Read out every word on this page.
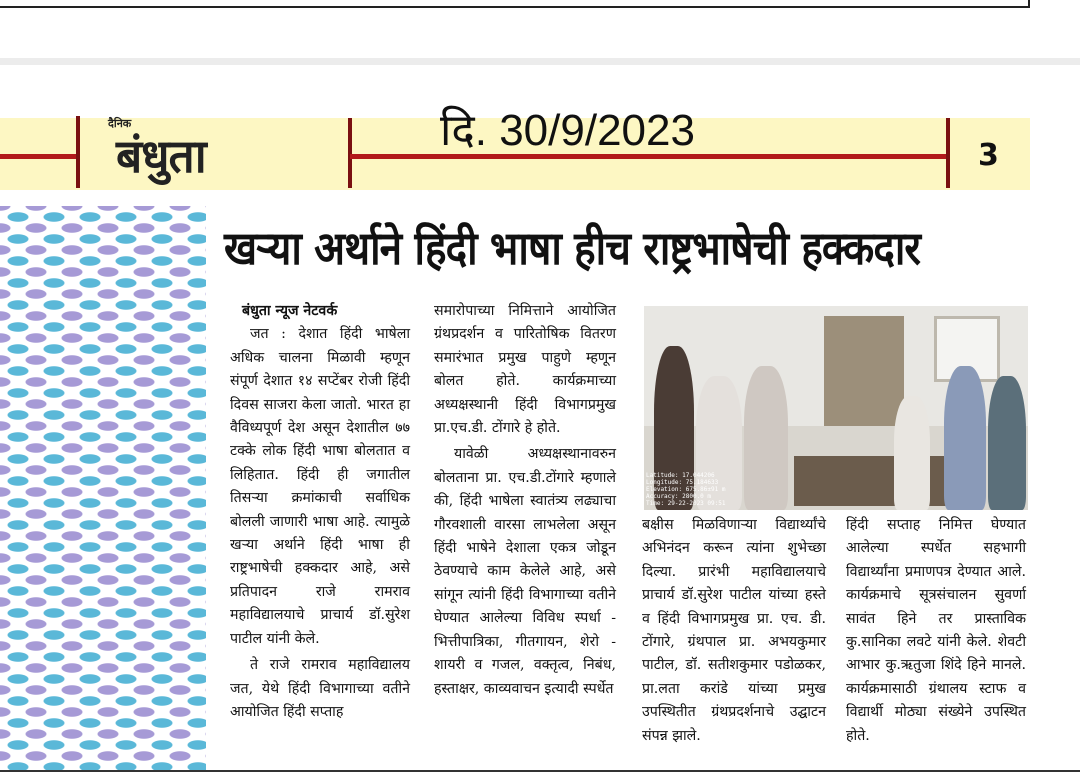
दैनिक
बंधुता	दि. 30/9/2023
3
खऱ्या अर्थाने हिंदी भाषा हीच राष्ट्रभाषेची हक्कदार

बंधुता न्यूज नेटवर्क

जत : देशात हिंदी भाषेला अधिक चालना मिळावी म्हणून संपूर्ण देशात १४ सप्टेंबर रोजी हिंदी दिवस साजरा केला जातो. भारत हा वैविध्यपूर्ण देश असून देशातील ७७ टक्के लोक हिंदी भाषा बोलतात व लिहितात. हिंदी ही जगातील तिसऱ्या क्रमांकाची सर्वाधिक बोलली जाणारी भाषा आहे. त्यामुळे खऱ्या अर्थाने हिंदी भाषा ही राष्ट्रभाषेची हक्कदार आहे, असे प्रतिपादन राजे रामराव महाविद्यालयाचे प्राचार्य डॉ.सुरेश पाटील यांनी केले.

ते राजे रामराव महाविद्यालय जत, येथे हिंदी विभागाच्या वतीने आयोजित हिंदी सप्ताह

समारोपाच्या निमित्ताने आयोजित ग्रंथप्रदर्शन व पारितोषिक वितरण समारंभात प्रमुख पाहुणे म्हणून बोलत होते. कार्यक्रमाच्या अध्यक्षस्थानी हिंदी विभागप्रमुख प्रा.एच.डी. टोंगारे हे होते.

यावेळी अध्यक्षस्थानावरुन बोलताना प्रा. एच.डी.टोंगारे म्हणाले की, हिंदी भाषेला स्वातंत्र्य लढ्याचा गौरवशाली वारसा लाभलेला असून हिंदी भाषेने देशाला एकत्र जोडून ठेवण्याचे काम केलेले आहे, असे सांगून त्यांनी हिंदी विभागाच्या वतीने घेण्यात आलेल्या विविध स्पर्धा - भित्तीपात्रिका, गीतगायन, शेरो - शायरी व गजल, वक्तृत्व, निबंध, हस्ताक्षर, काव्यवाचन इत्यादी स्पर्धेत

Latitude: 17.044206
Longitude: 75.184633
Elevation: 675.86±91 m
Accuracy: 2800.0 m
Time: 29-22-2023 09:51

बक्षीस मिळविणाऱ्या विद्यार्थ्यांचे अभिनंदन करून त्यांना शुभेच्छा दिल्या. प्रारंभी महाविद्यालयाचे प्राचार्य डॉ.सुरेश पाटील यांच्या हस्ते व हिंदी विभागप्रमुख प्रा. एच. डी. टोंगारे, ग्रंथपाल प्रा. अभयकुमार पाटील, डॉ. सतीशकुमार पडोळकर, प्रा.लता करांडे यांच्या प्रमुख उपस्थितीत ग्रंथप्रदर्शनाचे उद्घाटन संपन्न झाले.

हिंदी सप्ताह निमित्त घेण्यात आलेल्या स्पर्धेत सहभागी विद्यार्थ्यांना प्रमाणपत्र देण्यात आले. कार्यक्रमाचे सूत्रसंचालन सुवर्णा सावंत हिने तर प्रास्ताविक कु.सानिका लवटे यांनी केले. शेवटी आभार कु.ऋतुजा शिंदे हिने मानले. कार्यक्रमासाठी ग्रंथालय स्टाफ व विद्यार्थी मोठ्या संख्येने उपस्थित होते.
